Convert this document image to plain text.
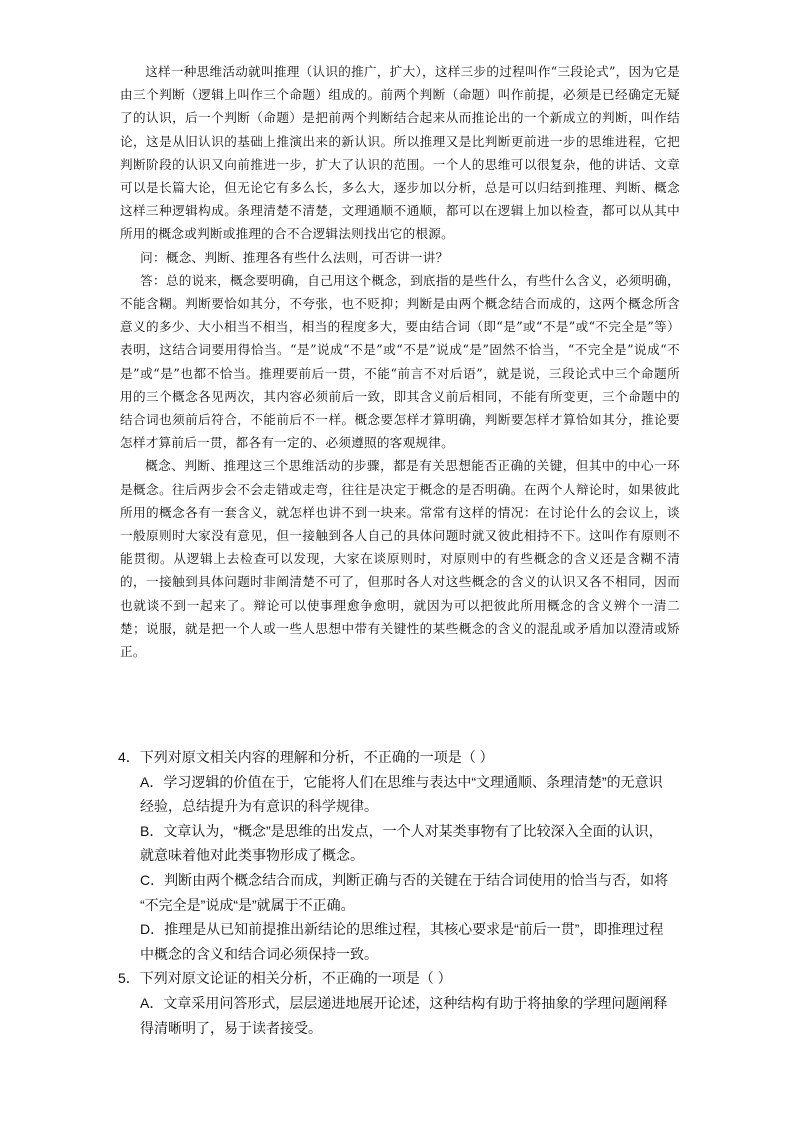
这样一种思维活动就叫推理（认识的推广，扩大），这样三步的过程叫作“三段论式”，因为它是由三个判断（逻辑上叫作三个命题）组成的。前两个判断（命题）叫作前提，必须是已经确定无疑了的认识，后一个判断（命题）是把前两个判断结合起来从而推论出的一个新成立的判断，叫作结论，这是从旧认识的基础上推演出来的新认识。所以推理又是比判断更前进一步的思维进程，它把判断阶段的认识又向前推进一步，扩大了认识的范围。一个人的思维可以很复杂，他的讲话、文章可以是长篇大论，但无论它有多么长，多么大，逐步加以分析，总是可以归结到推理、判断、概念这样三种逻辑构成。条理清楚不清楚，文理通顺不通顺，都可以在逻辑上加以检查，都可以从其中所用的概念或判断或推理的合不合逻辑法则找出它的根源。

问：概念、判断、推理各有些什么法则，可否讲一讲？

答：总的说来，概念要明确，自己用这个概念，到底指的是些什么，有些什么含义，必须明确，不能含糊。判断要恰如其分，不夸张，也不贬抑；判断是由两个概念结合而成的，这两个概念所含意义的多少、大小相当不相当，相当的程度多大，要由结合词（即“是”或“不是”或“不完全是”等）表明，这结合词要用得恰当。“是”说成“不是”或“不是”说成“是”固然不恰当，“不完全是”说成“不是”或“是”也都不恰当。推理要前后一贯，不能“前言不对后语”，就是说，三段论式中三个命题所用的三个概念各见两次，其内容必须前后一致，即其含义前后相同，不能有所变更，三个命题中的结合词也须前后符合，不能前后不一样。概念要怎样才算明确，判断要怎样才算恰如其分，推论要怎样才算前后一贯，都各有一定的、必须遵照的客观规律。

概念、判断、推理这三个思维活动的步骤，都是有关思想能否正确的关键，但其中的中心一环是概念。往后两步会不会走错或走弯，往往是决定于概念的是否明确。在两个人辩论时，如果彼此所用的概念各有一套含义，就怎样也讲不到一块来。常常有这样的情况：在讨论什么的会议上，谈一般原则时大家没有意见，但一接触到各人自己的具体问题时就又彼此相持不下。这叫作有原则不能贯彻。从逻辑上去检查可以发现，大家在谈原则时，对原则中的有些概念的含义还是含糊不清的，一接触到具体问题时非阐清楚不可了，但那时各人对这些概念的含义的认识又各不相同，因而也就谈不到一起来了。辩论可以使事理愈争愈明，就因为可以把彼此所用概念的含义辨个一清二楚；说服，就是把一个人或一些人思想中带有关键性的某些概念的含义的混乱或矛盾加以澄清或矫正。

4．下列对原文相关内容的理解和分析，不正确的一项是（ ）

A．学习逻辑的价值在于，它能将人们在思维与表达中“文理通顺、条理清楚”的无意识
经验，总结提升为有意识的科学规律。
B．文章认为，“概念”是思维的出发点，一个人对某类事物有了比较深入全面的认识，
就意味着他对此类事物形成了概念。
C．判断由两个概念结合而成，判断正确与否的关键在于结合词使用的恰当与否，如将
“不完全是”说成“是”就属于不正确。
D．推理是从已知前提推出新结论的思维过程，其核心要求是“前后一贯”，即推理过程
中概念的含义和结合词必须保持一致。

5．下列对原文论证的相关分析，不正确的一项是（ ）

A．文章采用问答形式，层层递进地展开论述，这种结构有助于将抽象的学理问题阐释
得清晰明了，易于读者接受。
